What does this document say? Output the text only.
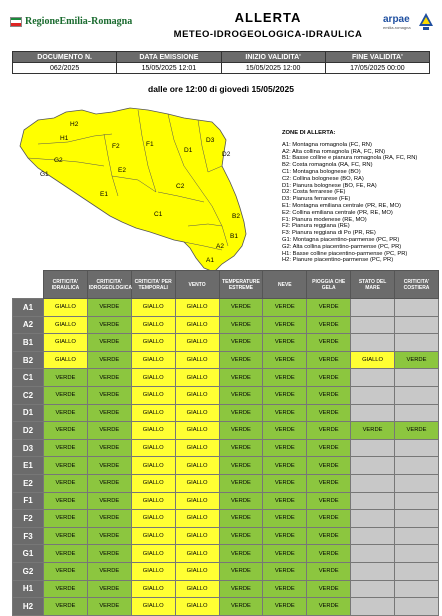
RegioneEmilia-Romagna	ALLERTA
METEO-IDROGEOLOGICA-IDRAULICA
arpae
emilia-romagna
DOCUMENTO N.	DATA EMISSIONE	INIZIO VALIDITA'	FINE VALIDITA'
062/2025	15/05/2025 12:01	15/05/2025 12:00	17/05/2025 00:00
dalle ore 12:00 di giovedì 15/05/2025
H2
H1
G2
G1
F2	F1
E2
E1
C2
C1
D1
D2
D3
B2
B1
A2
A1
ZONE DI ALLERTA:
A1: Montagna romagnola (FC, RN)
A2: Alta collina romagnola (RA, FC, RN)
B1: Basse colline e pianura romagnola (RA, FC, RN)
B2: Costa romagnola (RA, FC, RN)
C1: Montagna bolognese (BO)
C2: Collina bolognese (BO, RA)
D1: Pianura bolognese (BO, FE, RA)
D2: Costa ferrarese (FE)
D3: Pianura ferrarese (FE)
E1: Montagna emiliana centrale (PR, RE, MO)
E2: Collina emiliana centrale (PR, RE, MO)
F1: Pianura modenese (RE, MO)
F2: Pianura reggiana (RE)
F3: Pianura reggiana di Po (PR, RE)
G1: Montagna piacentino-parmense (PC, PR)
G2: Alta collina piacentino-parmense (PC, PR)
H1: Basse colline piacentino-parmense (PC, PR)
H2: Pianure piacentino-parmense (PC, PR)
	CRITICITA' IDRAULICA	CRITICITA' IDROGEOLOGICA	CRITICITA' PER TEMPORALI	VENTO	TEMPERATURE ESTREME	NEVE	PIOGGIA CHE GELA	STATO DEL MARE	CRITICITA' COSTIERA
A1	GIALLO	VERDE	GIALLO	GIALLO	VERDE	VERDE	VERDE		
A2	GIALLO	VERDE	GIALLO	GIALLO	VERDE	VERDE	VERDE		
B1	GIALLO	VERDE	GIALLO	GIALLO	VERDE	VERDE	VERDE		
B2	GIALLO	VERDE	GIALLO	GIALLO	VERDE	VERDE	VERDE	GIALLO	VERDE
C1	VERDE	VERDE	GIALLO	GIALLO	VERDE	VERDE	VERDE		
C2	VERDE	VERDE	GIALLO	GIALLO	VERDE	VERDE	VERDE		
D1	VERDE	VERDE	GIALLO	GIALLO	VERDE	VERDE	VERDE		
D2	VERDE	VERDE	GIALLO	GIALLO	VERDE	VERDE	VERDE	VERDE	VERDE
D3	VERDE	VERDE	GIALLO	GIALLO	VERDE	VERDE	VERDE		
E1	VERDE	VERDE	GIALLO	GIALLO	VERDE	VERDE	VERDE		
E2	VERDE	VERDE	GIALLO	GIALLO	VERDE	VERDE	VERDE		
F1	VERDE	VERDE	GIALLO	GIALLO	VERDE	VERDE	VERDE		
F2	VERDE	VERDE	GIALLO	GIALLO	VERDE	VERDE	VERDE		
F3	VERDE	VERDE	GIALLO	GIALLO	VERDE	VERDE	VERDE		
G1	VERDE	VERDE	GIALLO	GIALLO	VERDE	VERDE	VERDE		
G2	VERDE	VERDE	GIALLO	GIALLO	VERDE	VERDE	VERDE		
H1	VERDE	VERDE	GIALLO	GIALLO	VERDE	VERDE	VERDE		
H2	VERDE	VERDE	GIALLO	GIALLO	VERDE	VERDE	VERDE		
